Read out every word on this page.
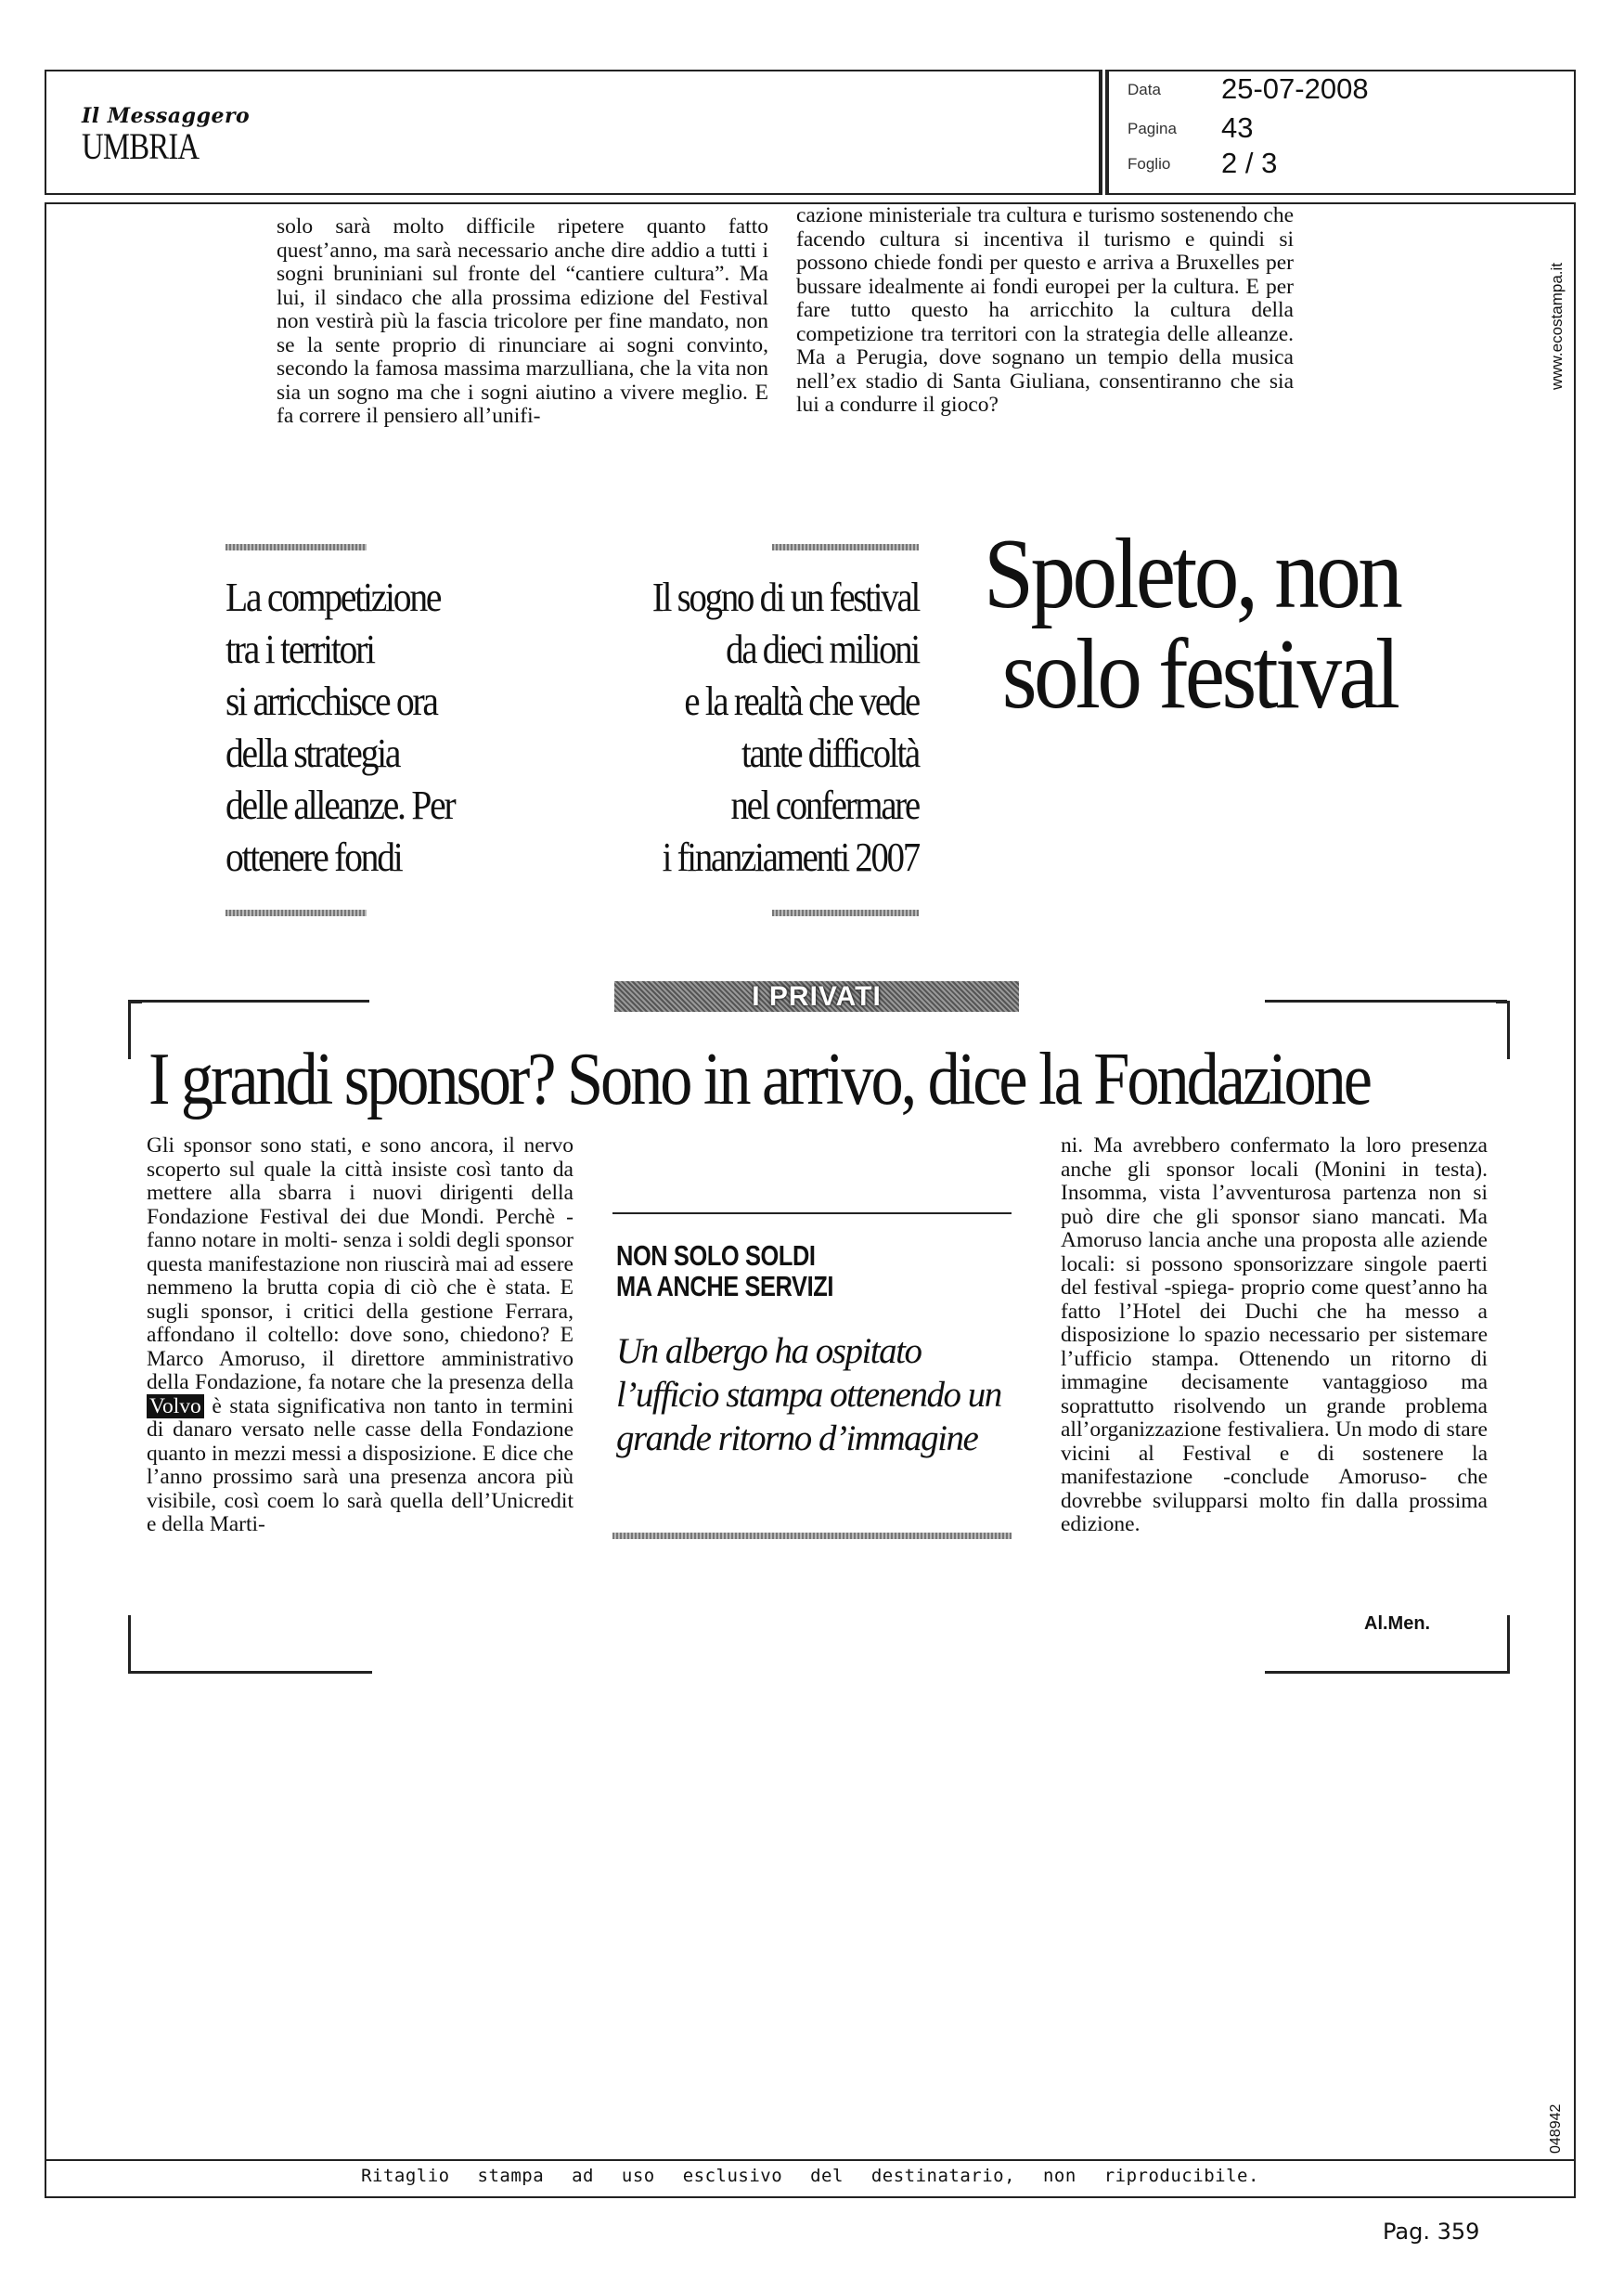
Il Messaggero
UMBRIA
Data 25-07-2008
Pagina 43
Foglio 2 / 3

solo sarà molto difficile ripetere quanto fatto quest’anno, ma sarà necessario anche dire addio a tutti i sogni bruniniani sul fronte del “cantiere cultura”. Ma lui, il sindaco che alla prossima edizione del Festival non vestirà più la fascia tricolore per fine mandato, non se la sente proprio di rinunciare ai sogni convinto, secondo la famosa massima marzulliana, che la vita non sia un sogno ma che i sogni aiutino a vivere meglio. E fa correre il pensiero all’unifi-

cazione ministeriale tra cultura e turismo sostenendo che facendo cultura si incentiva il turismo e quindi si possono chiede fondi per questo e arriva a Bruxelles per bussare idealmente ai fondi europei per la cultura. E per fare tutto questo ha arricchito la cultura della competizione tra territori con la strategia delle alleanze. Ma a Perugia, dove sognano un tempio della musica nell’ex stadio di Santa Giuliana, consentiranno che sia lui a condurre il gioco?

La competizione
tra i territori
si arricchisce ora
della strategia
delle alleanze. Per
ottenere fondi
Il sogno di un festival
da dieci milioni
e la realtà che vede
tante difficoltà
nel confermare
i finanziamenti 2007
Spoleto, non
solo festival
I PRIVATI
I grandi sponsor? Sono in arrivo, dice la Fondazione

Gli sponsor sono stati, e sono ancora, il nervo scoperto sul quale la città insiste così tanto da mettere alla sbarra i nuovi dirigenti della Fondazione Festival dei due Mondi. Perchè -fanno notare in molti- senza i soldi degli sponsor questa manifestazione non riuscirà mai ad essere nemmeno la brutta copia di ciò che è stata. E sugli sponsor, i critici della gestione Ferrara, affondano il coltello: dove sono, chiedono? E Marco Amoruso, il direttore amministrativo della Fondazione, fa notare che la presenza della Volvo è stata significativa non tanto in termini di danaro versato nelle casse della Fondazione quanto in mezzi messi a disposizione. E dice che l’anno prossimo sarà una presenza ancora più visibile, così coem lo sarà quella dell’Unicredit e della Marti-

NON SOLO SOLDI
MA ANCHE SERVIZI
Un albergo ha ospitato l’ufficio stampa ottenendo un grande ritorno d’immagine

ni. Ma avrebbero confermato la loro presenza anche gli sponsor locali (Monini in testa). Insomma, vista l’avventurosa partenza non si può dire che gli sponsor siano mancati. Ma Amoruso lancia anche una proposta alle aziende locali: si possono sponsorizzare singole paerti del festival -spiega- proprio come quest’anno ha fatto l’Hotel dei Duchi che ha messo a disposizione lo spazio necessario per sistemare l’ufficio stampa. Ottenendo un ritorno di immagine decisamente vantaggioso ma soprattutto risolvendo un grande problema all’organizzazione festivaliera. Un modo di stare vicini al Festival e di sostenere la manifestazione -conclude Amoruso- che dovrebbe svilupparsi molto fin dalla prossima edizione.

Al.Men.
Ritaglio stampa ad uso esclusivo del destinatario, non riproducibile.
www.ecostampa.it
048942
Pag. 359
